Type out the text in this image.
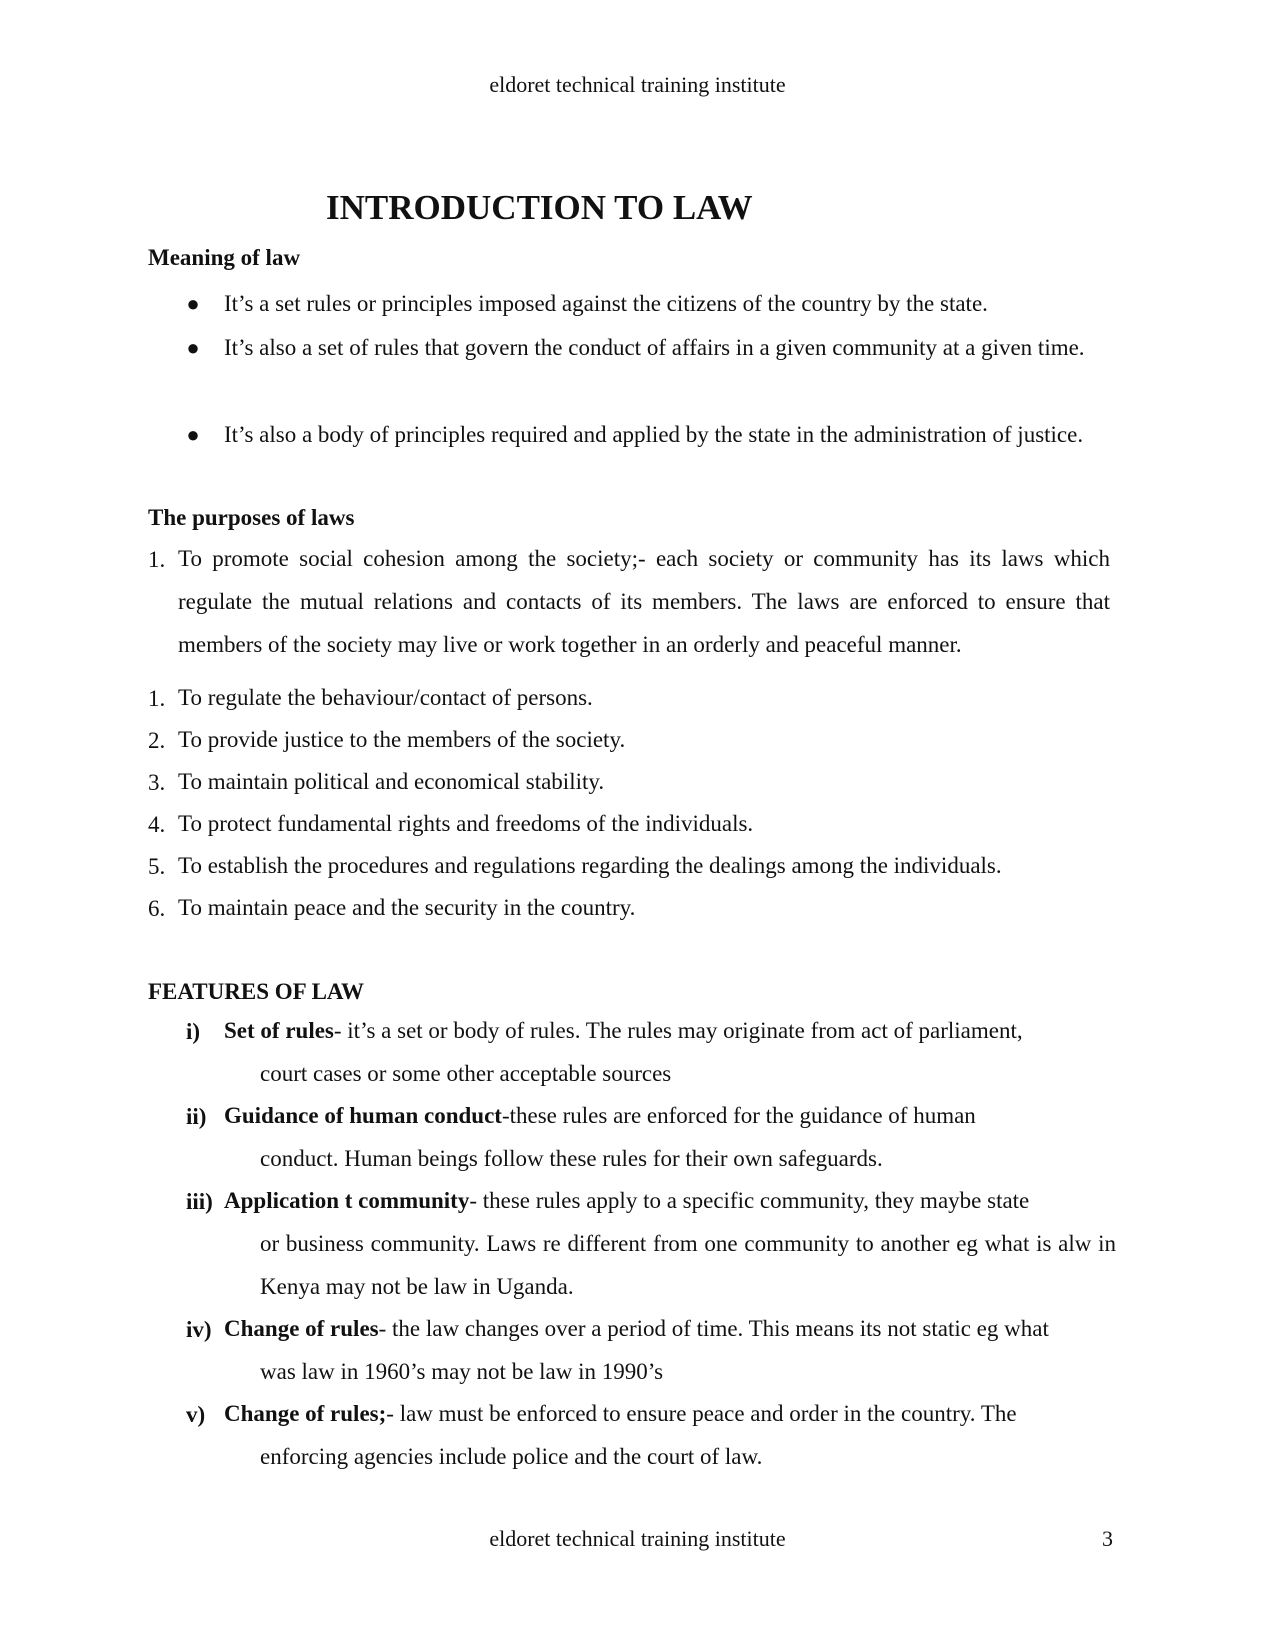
eldoret technical training institute
INTRODUCTION TO LAW
Meaning of law
● It’s a set rules or principles imposed against the citizens of the country by the state.
● It’s also a set of rules that govern the conduct of affairs in a given community at a given time.
● It’s also a body of principles required and applied by the state in the administration of justice.
The purposes of laws
1. To promote social cohesion among the society;- each society or community has its laws which regulate the mutual relations and contacts of its members. The laws are enforced to ensure that members of the society may live or work together in an orderly and peaceful manner.
1. To regulate the behaviour/contact of persons.
2. To provide justice to the members of the society.
3. To maintain political and economical stability.
4. To protect fundamental rights and freedoms of the individuals.
5. To establish the procedures and regulations regarding the dealings among the individuals.
6. To maintain peace and the security in the country.
FEATURES OF LAW
i) Set of rules- it’s a set or body of rules. The rules may originate from act of parliament,
court cases or some other acceptable sources
ii) Guidance of human conduct-these rules are enforced for the guidance of human
conduct. Human beings follow these rules for their own safeguards.
iii) Application t community- these rules apply to a specific community, they maybe state
or business community. Laws re different from one community to another eg what is alw in Kenya may not be law in Uganda.
iv) Change of rules- the law changes over a period of time. This means its not static eg what
was law in 1960’s may not be law in 1990’s
v) Change of rules;- law must be enforced to ensure peace and order in the country. The
enforcing agencies include police and the court of law.
eldoret technical training institute	3
